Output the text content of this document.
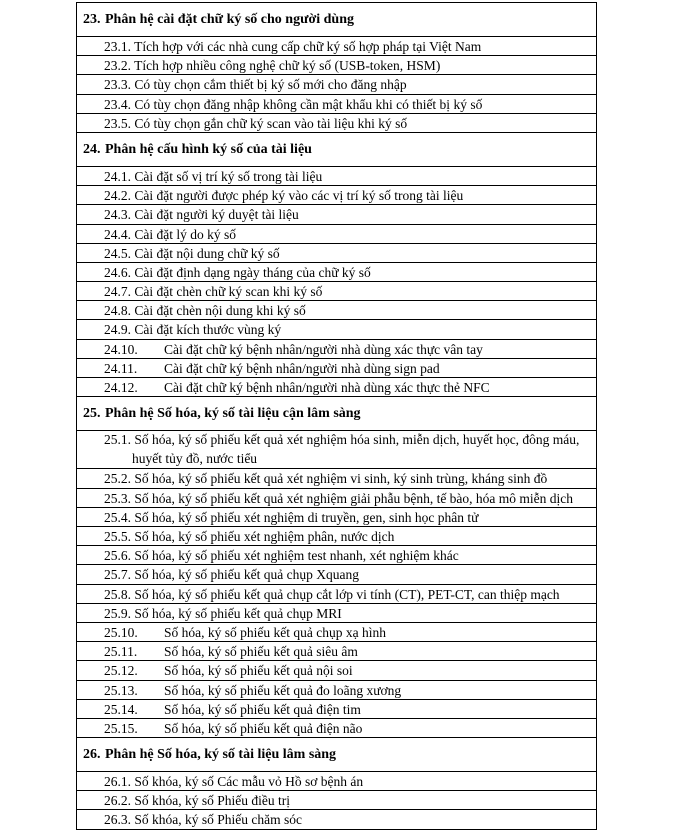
23. Phân hệ cài đặt chữ ký số cho người dùng
23.1. Tích hợp với các nhà cung cấp chữ ký số hợp pháp tại Việt Nam
23.2. Tích hợp nhiều công nghệ chữ ký số (USB-token, HSM)
23.3. Có tùy chọn cắm thiết bị ký số mới cho đăng nhập
23.4. Có tùy chọn đăng nhập không cần mật khẩu khi có thiết bị ký số
23.5. Có tùy chọn gắn chữ ký scan vào tài liệu khi ký số
24. Phân hệ cấu hình ký số của tài liệu
24.1. Cài đặt số vị trí ký số trong tài liệu
24.2. Cài đặt người được phép ký vào các vị trí ký số trong tài liệu
24.3. Cài đặt người ký duyệt tài liệu
24.4. Cài đặt lý do ký số
24.5. Cài đặt nội dung chữ ký số
24.6. Cài đặt định dạng ngày tháng của chữ ký số
24.7. Cài đặt chèn chữ ký scan khi ký số
24.8. Cài đặt chèn nội dung khi ký số
24.9. Cài đặt kích thước vùng ký
24.10. Cài đặt chữ ký bệnh nhân/người nhà dùng xác thực vân tay
24.11. Cài đặt chữ ký bệnh nhân/người nhà dùng sign pad
24.12. Cài đặt chữ ký bệnh nhân/người nhà dùng xác thực thẻ NFC
25. Phân hệ Số hóa, ký số tài liệu cận lâm sàng
25.1. Số hóa, ký số phiếu kết quả xét nghiệm hóa sinh, miễn dịch, huyết học, đông máu,
huyết tủy đồ, nước tiểu
25.2. Số hóa, ký số phiếu kết quả xét nghiệm vi sinh, ký sinh trùng, kháng sinh đồ
25.3. Số hóa, ký số phiếu kết quả xét nghiệm giải phẫu bệnh, tế bào, hóa mô miễn dịch
25.4. Số hóa, ký số phiếu xét nghiệm di truyền, gen, sinh học phân tử
25.5. Số hóa, ký số phiếu xét nghiệm phân, nước dịch
25.6. Số hóa, ký số phiếu xét nghiệm test nhanh, xét nghiệm khác
25.7. Số hóa, ký số phiếu kết quả chụp Xquang
25.8. Số hóa, ký số phiếu kết quả chụp cắt lớp vi tính (CT), PET-CT, can thiệp mạch
25.9. Số hóa, ký số phiếu kết quả chụp MRI
25.10. Số hóa, ký số phiếu kết quả chụp xạ hình
25.11. Số hóa, ký số phiếu kết quả siêu âm
25.12. Số hóa, ký số phiếu kết quả nội soi
25.13. Số hóa, ký số phiếu kết quả đo loãng xương
25.14. Số hóa, ký số phiếu kết quả điện tim
25.15. Số hóa, ký số phiếu kết quả điện não
26. Phân hệ Số hóa, ký số tài liệu lâm sàng
26.1. Số khóa, ký số Các mẫu vỏ Hồ sơ bệnh án
26.2. Số khóa, ký số Phiếu điều trị
26.3. Số khóa, ký số Phiếu chăm sóc
